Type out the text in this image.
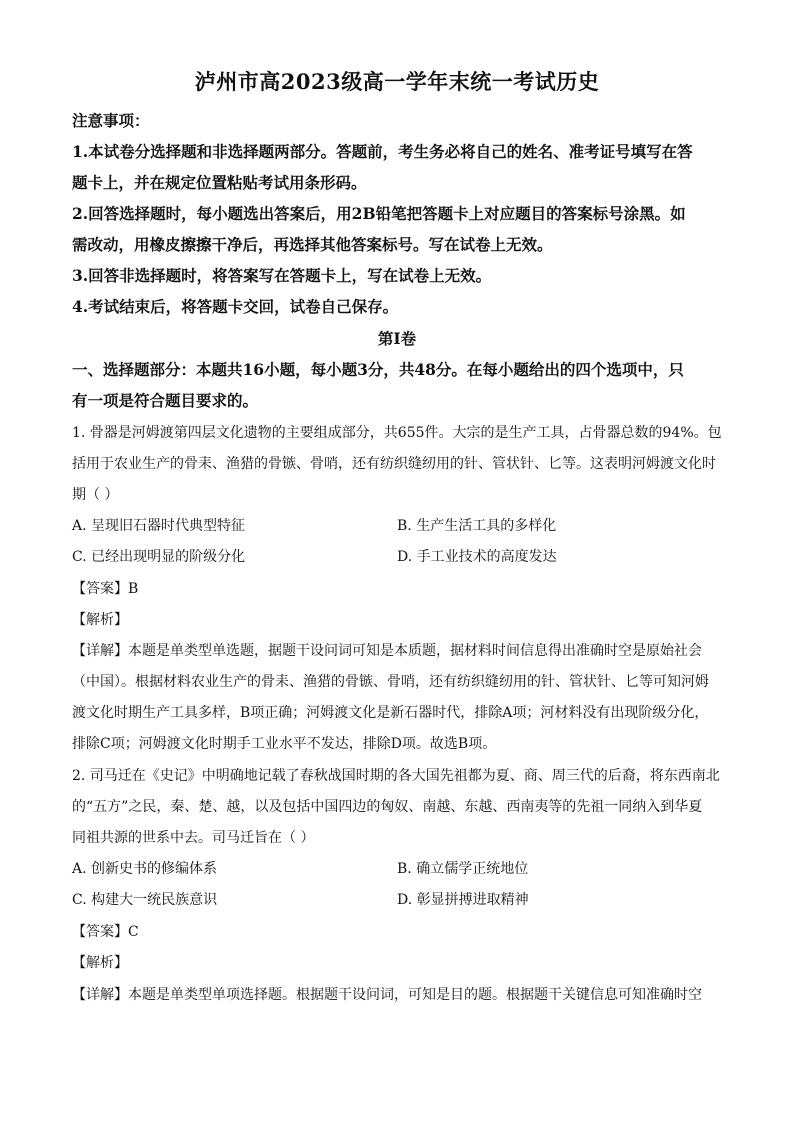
泸州市高2023级高一学年末统一考试历史
注意事项：
1.本试卷分选择题和非选择题两部分。答题前，考生务必将自己的姓名、准考证号填写在答
题卡上，并在规定位置粘贴考试用条形码。
2.回答选择题时，每小题选出答案后，用2B铅笔把答题卡上对应题目的答案标号涂黑。如
需改动，用橡皮擦擦干净后，再选择其他答案标号。写在试卷上无效。
3.回答非选择题时，将答案写在答题卡上，写在试卷上无效。
4.考试结束后，将答题卡交回，试卷自己保存。
第Ⅰ卷
一、选择题部分：本题共16小题，每小题3分，共48分。在每小题给出的四个选项中，只
有一项是符合题目要求的。
1. 骨器是河姆渡第四层文化遗物的主要组成部分，共655件。大宗的是生产工具，占骨器总数的94%。包
括用于农业生产的骨耒、渔猎的骨镞、骨哨，还有纺织缝纫用的针、管状针、匕等。这表明河姆渡文化时
期（ ）
A. 呈现旧石器时代典型特征	B. 生产生活工具的多样化
C. 已经出现明显的阶级分化	D. 手工业技术的高度发达
【答案】B
【解析】
【详解】本题是单类型单选题，据题干设问词可知是本质题，据材料时间信息得出准确时空是原始社会
（中国）。根据材料农业生产的骨耒、渔猎的骨镞、骨哨，还有纺织缝纫用的针、管状针、匕等可知河姆
渡文化时期生产工具多样，B项正确；河姆渡文化是新石器时代，排除A项；河材料没有出现阶级分化，
排除C项；河姆渡文化时期手工业水平不发达，排除D项。故选B项。
2. 司马迁在《史记》中明确地记载了春秋战国时期的各大国先祖都为夏、商、周三代的后裔，将东西南北
的“五方”之民，秦、楚、越，以及包括中国四边的匈奴、南越、东越、西南夷等的先祖一同纳入到华夏
同祖共源的世系中去。司马迁旨在（ ）
A. 创新史书的修编体系	B. 确立儒学正统地位
C. 构建大一统民族意识	D. 彰显拼搏进取精神
【答案】C
【解析】
【详解】本题是单类型单项选择题。根据题干设问词，可知是目的题。根据题干关键信息可知准确时空
